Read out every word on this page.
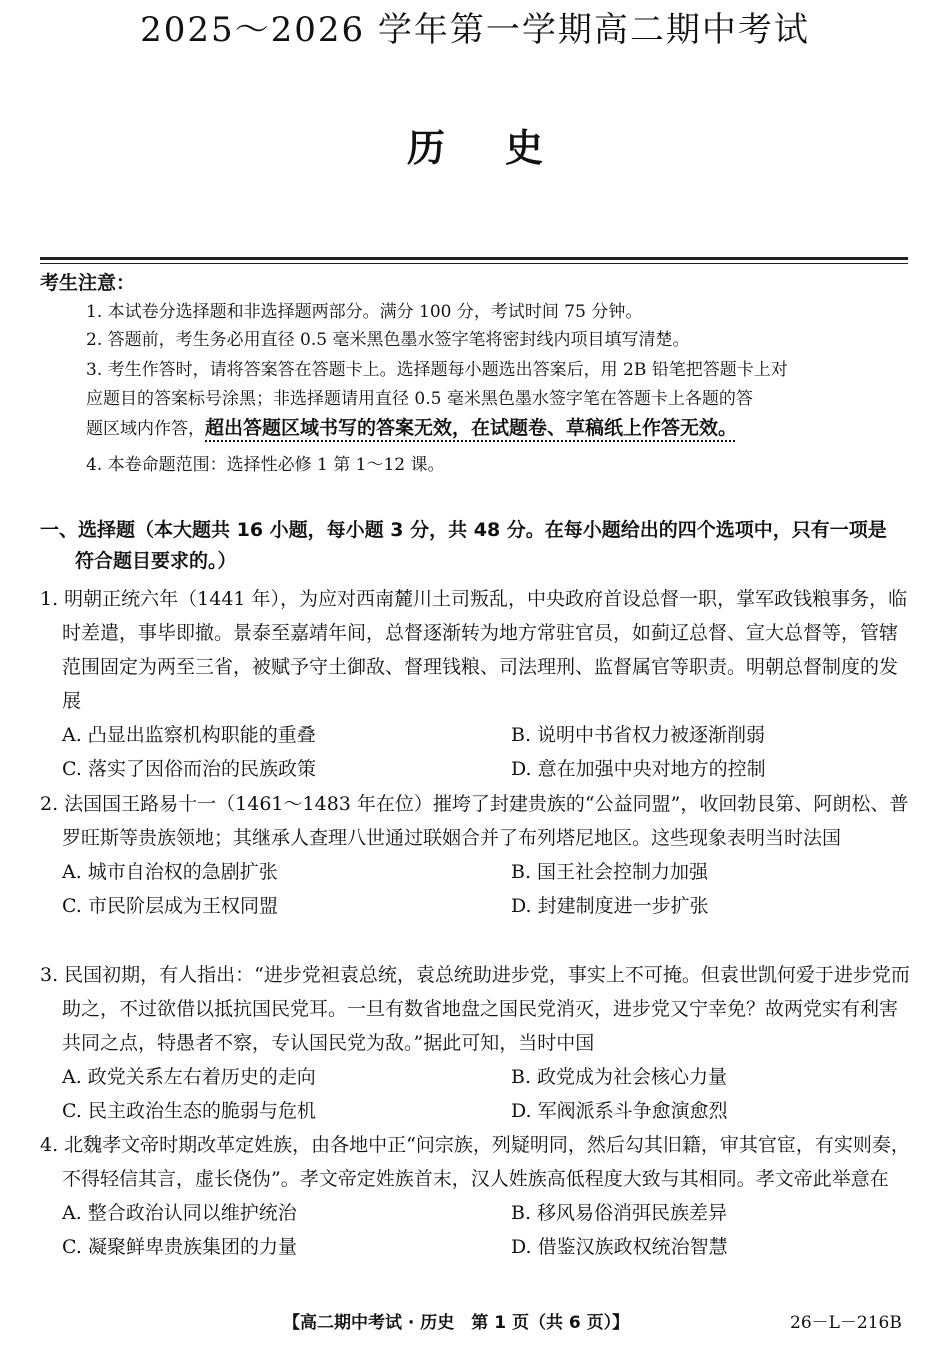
2025～2026 学年第一学期高二期中考试
历史
考生注意：
1. 本试卷分选择题和非选择题两部分。满分 100 分，考试时间 75 分钟。
2. 答题前，考生务必用直径 0.5 毫米黑色墨水签字笔将密封线内项目填写清楚。
3. 考生作答时，请将答案答在答题卡上。选择题每小题选出答案后，用 2B 铅笔把答题卡上对
应题目的答案标号涂黑；非选择题请用直径 0.5 毫米黑色墨水签字笔在答题卡上各题的答
题区域内作答，超出答题区域书写的答案无效，在试题卷、草稿纸上作答无效。
4. 本卷命题范围：选择性必修 1 第 1～12 课。
一、选择题（本大题共 16 小题，每小题 3 分，共 48 分。在每小题给出的四个选项中，只有一项是
符合题目要求的。）
1. 明朝正统六年（1441 年），为应对西南麓川土司叛乱，中央政府首设总督一职，掌军政钱粮事务，临时差遣，事毕即撤。景泰至嘉靖年间，总督逐渐转为地方常驻官员，如蓟辽总督、宣大总督等，管辖范围固定为两至三省，被赋予守土御敌、督理钱粮、司法理刑、监督属官等职责。明朝总督制度的发展
A. 凸显出监察机构职能的重叠	B. 说明中书省权力被逐渐削弱
C. 落实了因俗而治的民族政策	D. 意在加强中央对地方的控制
2. 法国国王路易十一（1461～1483 年在位）摧垮了封建贵族的“公益同盟”，收回勃艮第、阿朗松、普罗旺斯等贵族领地；其继承人查理八世通过联姻合并了布列塔尼地区。这些现象表明当时法国
A. 城市自治权的急剧扩张	B. 国王社会控制力加强
C. 市民阶层成为王权同盟	D. 封建制度进一步扩张
3. 民国初期，有人指出：“进步党袒袁总统，袁总统助进步党，事实上不可掩。但袁世凯何爱于进步党而助之，不过欲借以抵抗国民党耳。一旦有数省地盘之国民党消灭，进步党又宁幸免？故两党实有利害共同之点，特愚者不察，专认国民党为敌。”据此可知，当时中国
A. 政党关系左右着历史的走向	B. 政党成为社会核心力量
C. 民主政治生态的脆弱与危机	D. 军阀派系斗争愈演愈烈
4. 北魏孝文帝时期改革定姓族，由各地中正“问宗族，列疑明同，然后勾其旧籍，审其官宦，有实则奏，不得轻信其言，虚长侥伪”。孝文帝定姓族首末，汉人姓族高低程度大致与其相同。孝文帝此举意在
A. 整合政治认同以维护统治	B. 移风易俗消弭民族差异
C. 凝聚鲜卑贵族集团的力量	D. 借鉴汉族政权统治智慧
【高二期中考试 · 历史　第 1 页（共 6 页）】	26－L－216B
